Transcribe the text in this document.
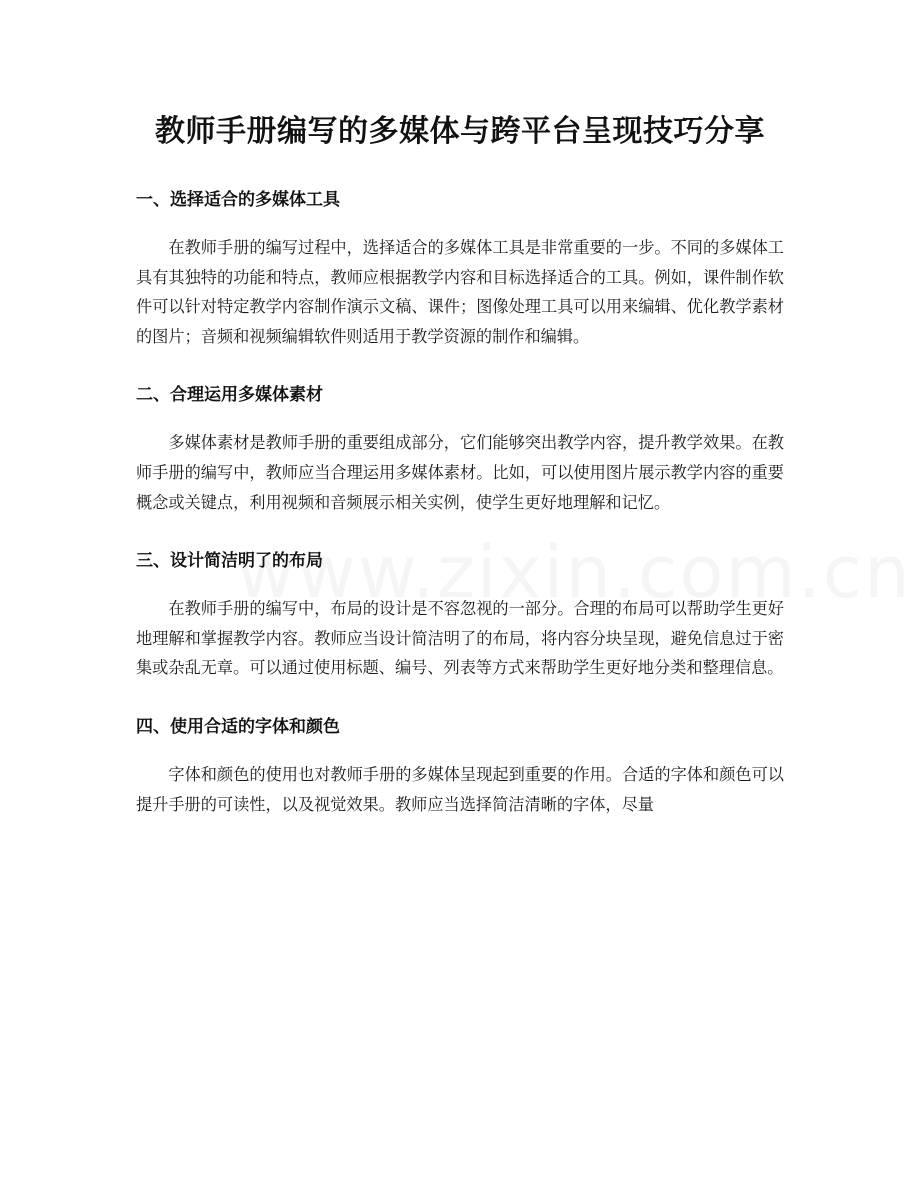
教师手册编写的多媒体与跨平台呈现技巧分享
一、选择适合的多媒体工具

在教师手册的编写过程中，选择适合的多媒体工具是非常重要的一步。不同的多媒体工具有其独特的功能和特点，教师应根据教学内容和目标选择适合的工具。例如，课件制作软件可以针对特定教学内容制作演示文稿、课件；图像处理工具可以用来编辑、优化教学素材的图片；音频和视频编辑软件则适用于教学资源的制作和编辑。

二、合理运用多媒体素材

多媒体素材是教师手册的重要组成部分，它们能够突出教学内容，提升教学效果。在教师手册的编写中，教师应当合理运用多媒体素材。比如，可以使用图片展示教学内容的重要概念或关键点，利用视频和音频展示相关实例，使学生更好地理解和记忆。

三、设计简洁明了的布局

在教师手册的编写中，布局的设计是不容忽视的一部分。合理的布局可以帮助学生更好地理解和掌握教学内容。教师应当设计简洁明了的布局，将内容分块呈现，避免信息过于密集或杂乱无章。可以通过使用标题、编号、列表等方式来帮助学生更好地分类和整理信息。

四、使用合适的字体和颜色

字体和颜色的使用也对教师手册的多媒体呈现起到重要的作用。合适的字体和颜色可以提升手册的可读性，以及视觉效果。教师应当选择简洁清晰的字体，尽量
